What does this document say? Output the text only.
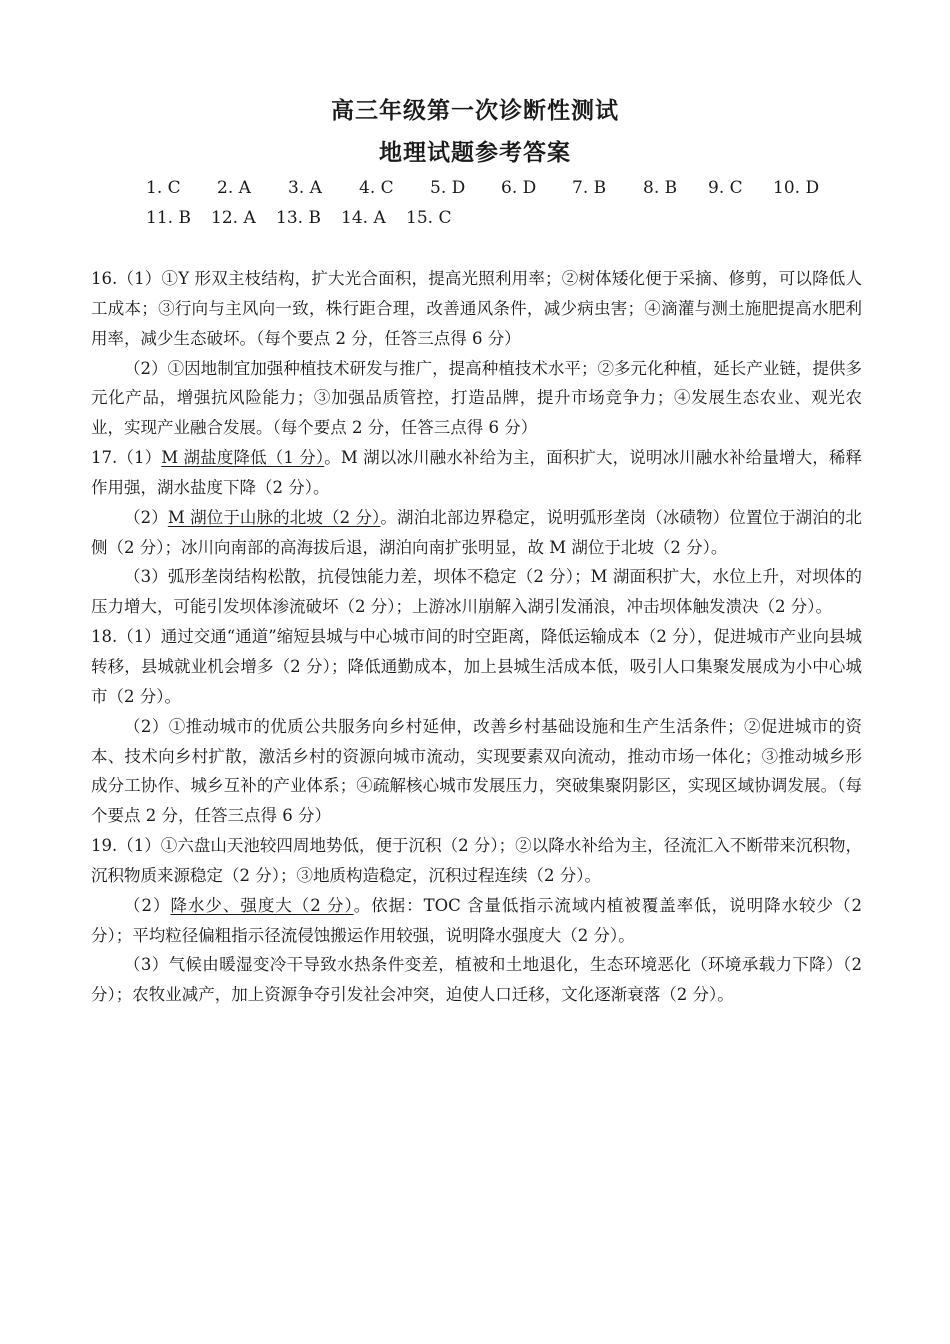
高三年级第一次诊断性测试
地理试题参考答案
1. C 2. A 3. A 4. C 5. D 6. D 7. B 8. B 9. C 10. D
11. B 12. A 13. B 14. A 15. C

16.（1）①Y 形双主枝结构，扩大光合面积，提高光照利用率；②树体矮化便于采摘、修剪，可以降低人工成本；③行向与主风向一致，株行距合理，改善通风条件，减少病虫害；④滴灌与测土施肥提高水肥利用率，减少生态破坏。（每个要点 2 分，任答三点得 6 分）

（2）①因地制宜加强种植技术研发与推广，提高种植技术水平；②多元化种植，延长产业链，提供多元化产品，增强抗风险能力；③加强品质管控，打造品牌，提升市场竞争力；④发展生态农业、观光农业，实现产业融合发展。（每个要点 2 分，任答三点得 6 分）

17.（1）M 湖盐度降低（1 分）。M 湖以冰川融水补给为主，面积扩大，说明冰川融水补给量增大，稀释作用强，湖水盐度下降（2 分）。

（2）M 湖位于山脉的北坡（2 分）。湖泊北部边界稳定，说明弧形垄岗（冰碛物）位置位于湖泊的北侧（2 分）；冰川向南部的高海拔后退，湖泊向南扩张明显，故 M 湖位于北坡（2 分）。

（3）弧形垄岗结构松散，抗侵蚀能力差，坝体不稳定（2 分）；M 湖面积扩大，水位上升，对坝体的压力增大，可能引发坝体渗流破坏（2 分）；上游冰川崩解入湖引发涌浪，冲击坝体触发溃决（2 分）。

18.（1）通过交通“通道”缩短县城与中心城市间的时空距离，降低运输成本（2 分），促进城市产业向县城转移，县城就业机会增多（2 分）；降低通勤成本，加上县城生活成本低，吸引人口集聚发展成为小中心城市（2 分）。

（2）①推动城市的优质公共服务向乡村延伸，改善乡村基础设施和生产生活条件；②促进城市的资本、技术向乡村扩散，激活乡村的资源向城市流动，实现要素双向流动，推动市场一体化；③推动城乡形成分工协作、城乡互补的产业体系；④疏解核心城市发展压力，突破集聚阴影区，实现区域协调发展。（每个要点 2 分，任答三点得 6 分）

19.（1）①六盘山天池较四周地势低，便于沉积（2 分）；②以降水补给为主，径流汇入不断带来沉积物，沉积物质来源稳定（2 分）；③地质构造稳定，沉积过程连续（2 分）。

（2）降水少、强度大（2 分）。依据：TOC 含量低指示流域内植被覆盖率低，说明降水较少（2 分）；平均粒径偏粗指示径流侵蚀搬运作用较强，说明降水强度大（2 分）。

（3）气候由暖湿变冷干导致水热条件变差，植被和土地退化，生态环境恶化（环境承载力下降）（2 分）；农牧业减产，加上资源争夺引发社会冲突，迫使人口迁移，文化逐渐衰落（2 分）。
